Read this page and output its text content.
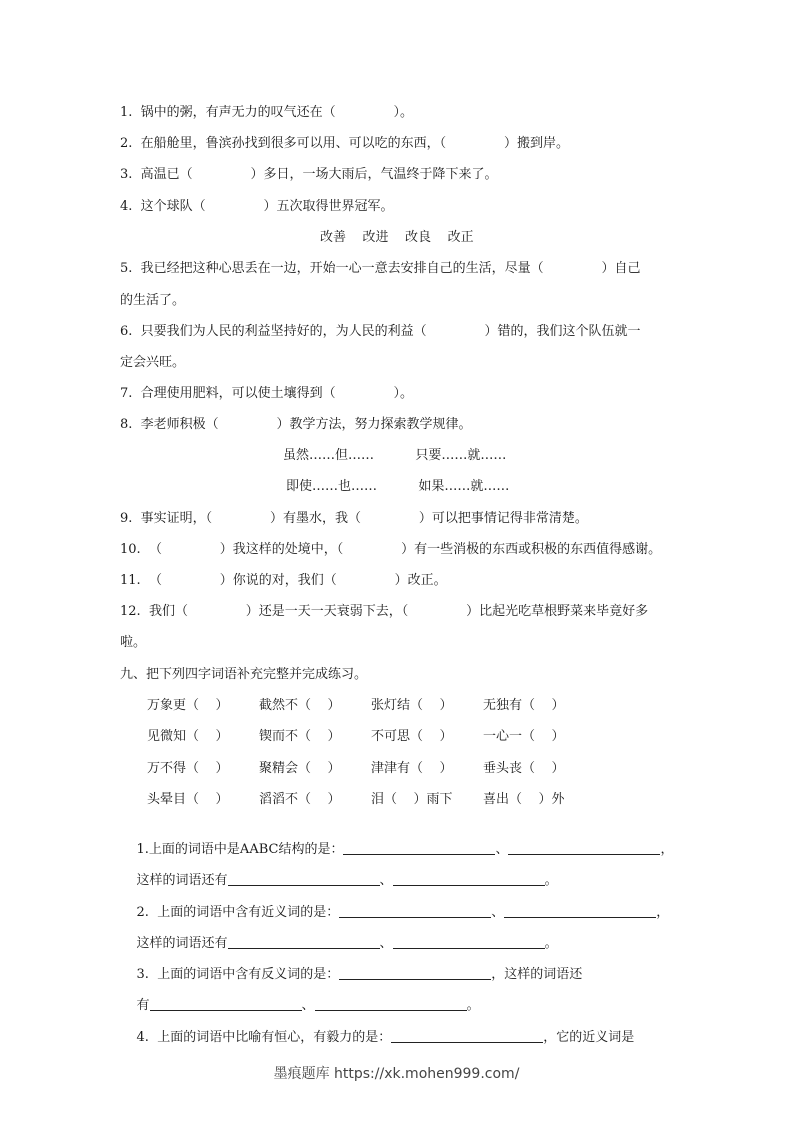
1.  锅中的粥，有声无力的叹气还在（              ）。
2.  在船舱里，鲁滨孙找到很多可以用、可以吃的东西，（              ）搬到岸。
3.  高温已（              ）多日，一场大雨后，气温终于降下来了。
4.  这个球队（              ）五次取得世界冠军。
改善    改进    改良    改正
5.  我已经把这种心思丢在一边，开始一心一意去安排自己的生活，尽量（              ）自己
的生活了。
6.  只要我们为人民的利益坚持好的，为人民的利益（              ）错的，我们这个队伍就一
定会兴旺。
7.  合理使用肥料，可以使土壤得到（              ）。
8.  李老师积极（              ）教学方法，努力探索教学规律。
虽然……但……          只要……就……
即使……也……          如果……就……
9.  事实证明，（              ）有墨水，我（              ）可以把事情记得非常清楚。
10.  （              ）我这样的处境中，（              ）有一些消极的东西或积极的东西值得感谢。
11.  （              ）你说的对，我们（              ）改正。
12.  我们（              ）还是一天一天衰弱下去，（              ）比起光吃草根野菜来毕竟好多
啦。
九、把下列四字词语补充完整并完成练习。
万象更（    ） 截然不（    ） 张灯结（    ） 无独有（    ）
见微知（    ） 锲而不（    ） 不可思（    ） 一心一（    ）
万不得（    ） 聚精会（    ） 津津有（    ） 垂头丧（    ）
头晕目（    ） 滔滔不（    ） 泪（    ）雨下 喜出（    ）外

1.上面的词语中是AABC结构的是：	、	，

这样的词语还有	、	。

2.  上面的词语中含有近义词的是：	、	，

这样的词语还有	、	。

3.  上面的词语中含有反义词的是：	，这样的词语还

有	、	。

4.  上面的词语中比喻有恒心，有毅力的是：	，它的近义词是

墨痕题库 https://xk.mohen999.com/
